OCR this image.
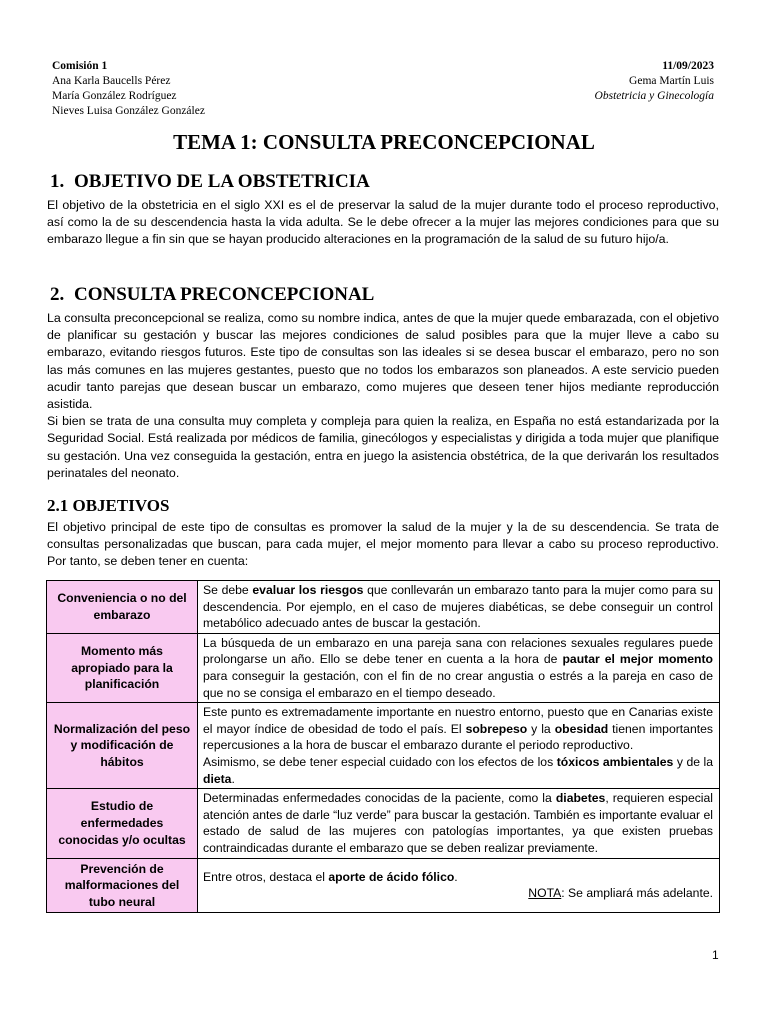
Comisión 1
Ana Karla Baucells Pérez
María González Rodríguez
Nieves Luisa González González
11/09/2023
Gema Martín Luis
Obstetricia y Ginecología
TEMA 1: CONSULTA PRECONCEPCIONAL
1. OBJETIVO DE LA OBSTETRICIA

El objetivo de la obstetricia en el siglo XXI es el de preservar la salud de la mujer durante todo el proceso reproductivo, así como la de su descendencia hasta la vida adulta. Se le debe ofrecer a la mujer las mejores condiciones para que su embarazo llegue a fin sin que se hayan producido alteraciones en la programación de la salud de su futuro hijo/a.

2. CONSULTA PRECONCEPCIONAL

La consulta preconcepcional se realiza, como su nombre indica, antes de que la mujer quede embarazada, con el objetivo de planificar su gestación y buscar las mejores condiciones de salud posibles para que la mujer lleve a cabo su embarazo, evitando riesgos futuros. Este tipo de consultas son las ideales si se desea buscar el embarazo, pero no son las más comunes en las mujeres gestantes, puesto que no todos los embarazos son planeados. A este servicio pueden acudir tanto parejas que desean buscar un embarazo, como mujeres que deseen tener hijos mediante reproducción asistida.

Si bien se trata de una consulta muy completa y compleja para quien la realiza, en España no está estandarizada por la Seguridad Social. Está realizada por médicos de familia, ginecólogos y especialistas y dirigida a toda mujer que planifique su gestación. Una vez conseguida la gestación, entra en juego la asistencia obstétrica, de la que derivarán los resultados perinatales del neonato.

2.1 OBJETIVOS

El objetivo principal de este tipo de consultas es promover la salud de la mujer y la de su descendencia. Se trata de consultas personalizadas que buscan, para cada mujer, el mejor momento para llevar a cabo su proceso reproductivo. Por tanto, se deben tener en cuenta:

Conveniencia o no del embarazo	Se debe evaluar los riesgos que conllevarán un embarazo tanto para la mujer como para su descendencia. Por ejemplo, en el caso de mujeres diabéticas, se debe conseguir un control metabólico adecuado antes de buscar la gestación.
Momento más apropiado para la planificación	La búsqueda de un embarazo en una pareja sana con relaciones sexuales regulares puede prolongarse un año. Ello se debe tener en cuenta a la hora de pautar el mejor momento para conseguir la gestación, con el fin de no crear angustia o estrés a la pareja en caso de que no se consiga el embarazo en el tiempo deseado.
Normalización del peso y modificación de hábitos	Este punto es extremadamente importante en nuestro entorno, puesto que en Canarias existe el mayor índice de obesidad de todo el país. El sobrepeso y la obesidad tienen importantes repercusiones a la hora de buscar el embarazo durante el periodo reproductivo.

Asimismo, se debe tener especial cuidado con los efectos de los tóxicos ambientales y de la dieta.

Estudio de enfermedades conocidas y/o ocultas	Determinadas enfermedades conocidas de la paciente, como la diabetes, requieren especial atención antes de darle “luz verde” para buscar la gestación. También es importante evaluar el estado de salud de las mujeres con patologías importantes, ya que existen pruebas contraindicadas durante el embarazo que se deben realizar previamente.
Prevención de malformaciones del tubo neural	Entre otros, destaca el aporte de ácido fólico.

NOTA: Se ampliará más adelante.

1
